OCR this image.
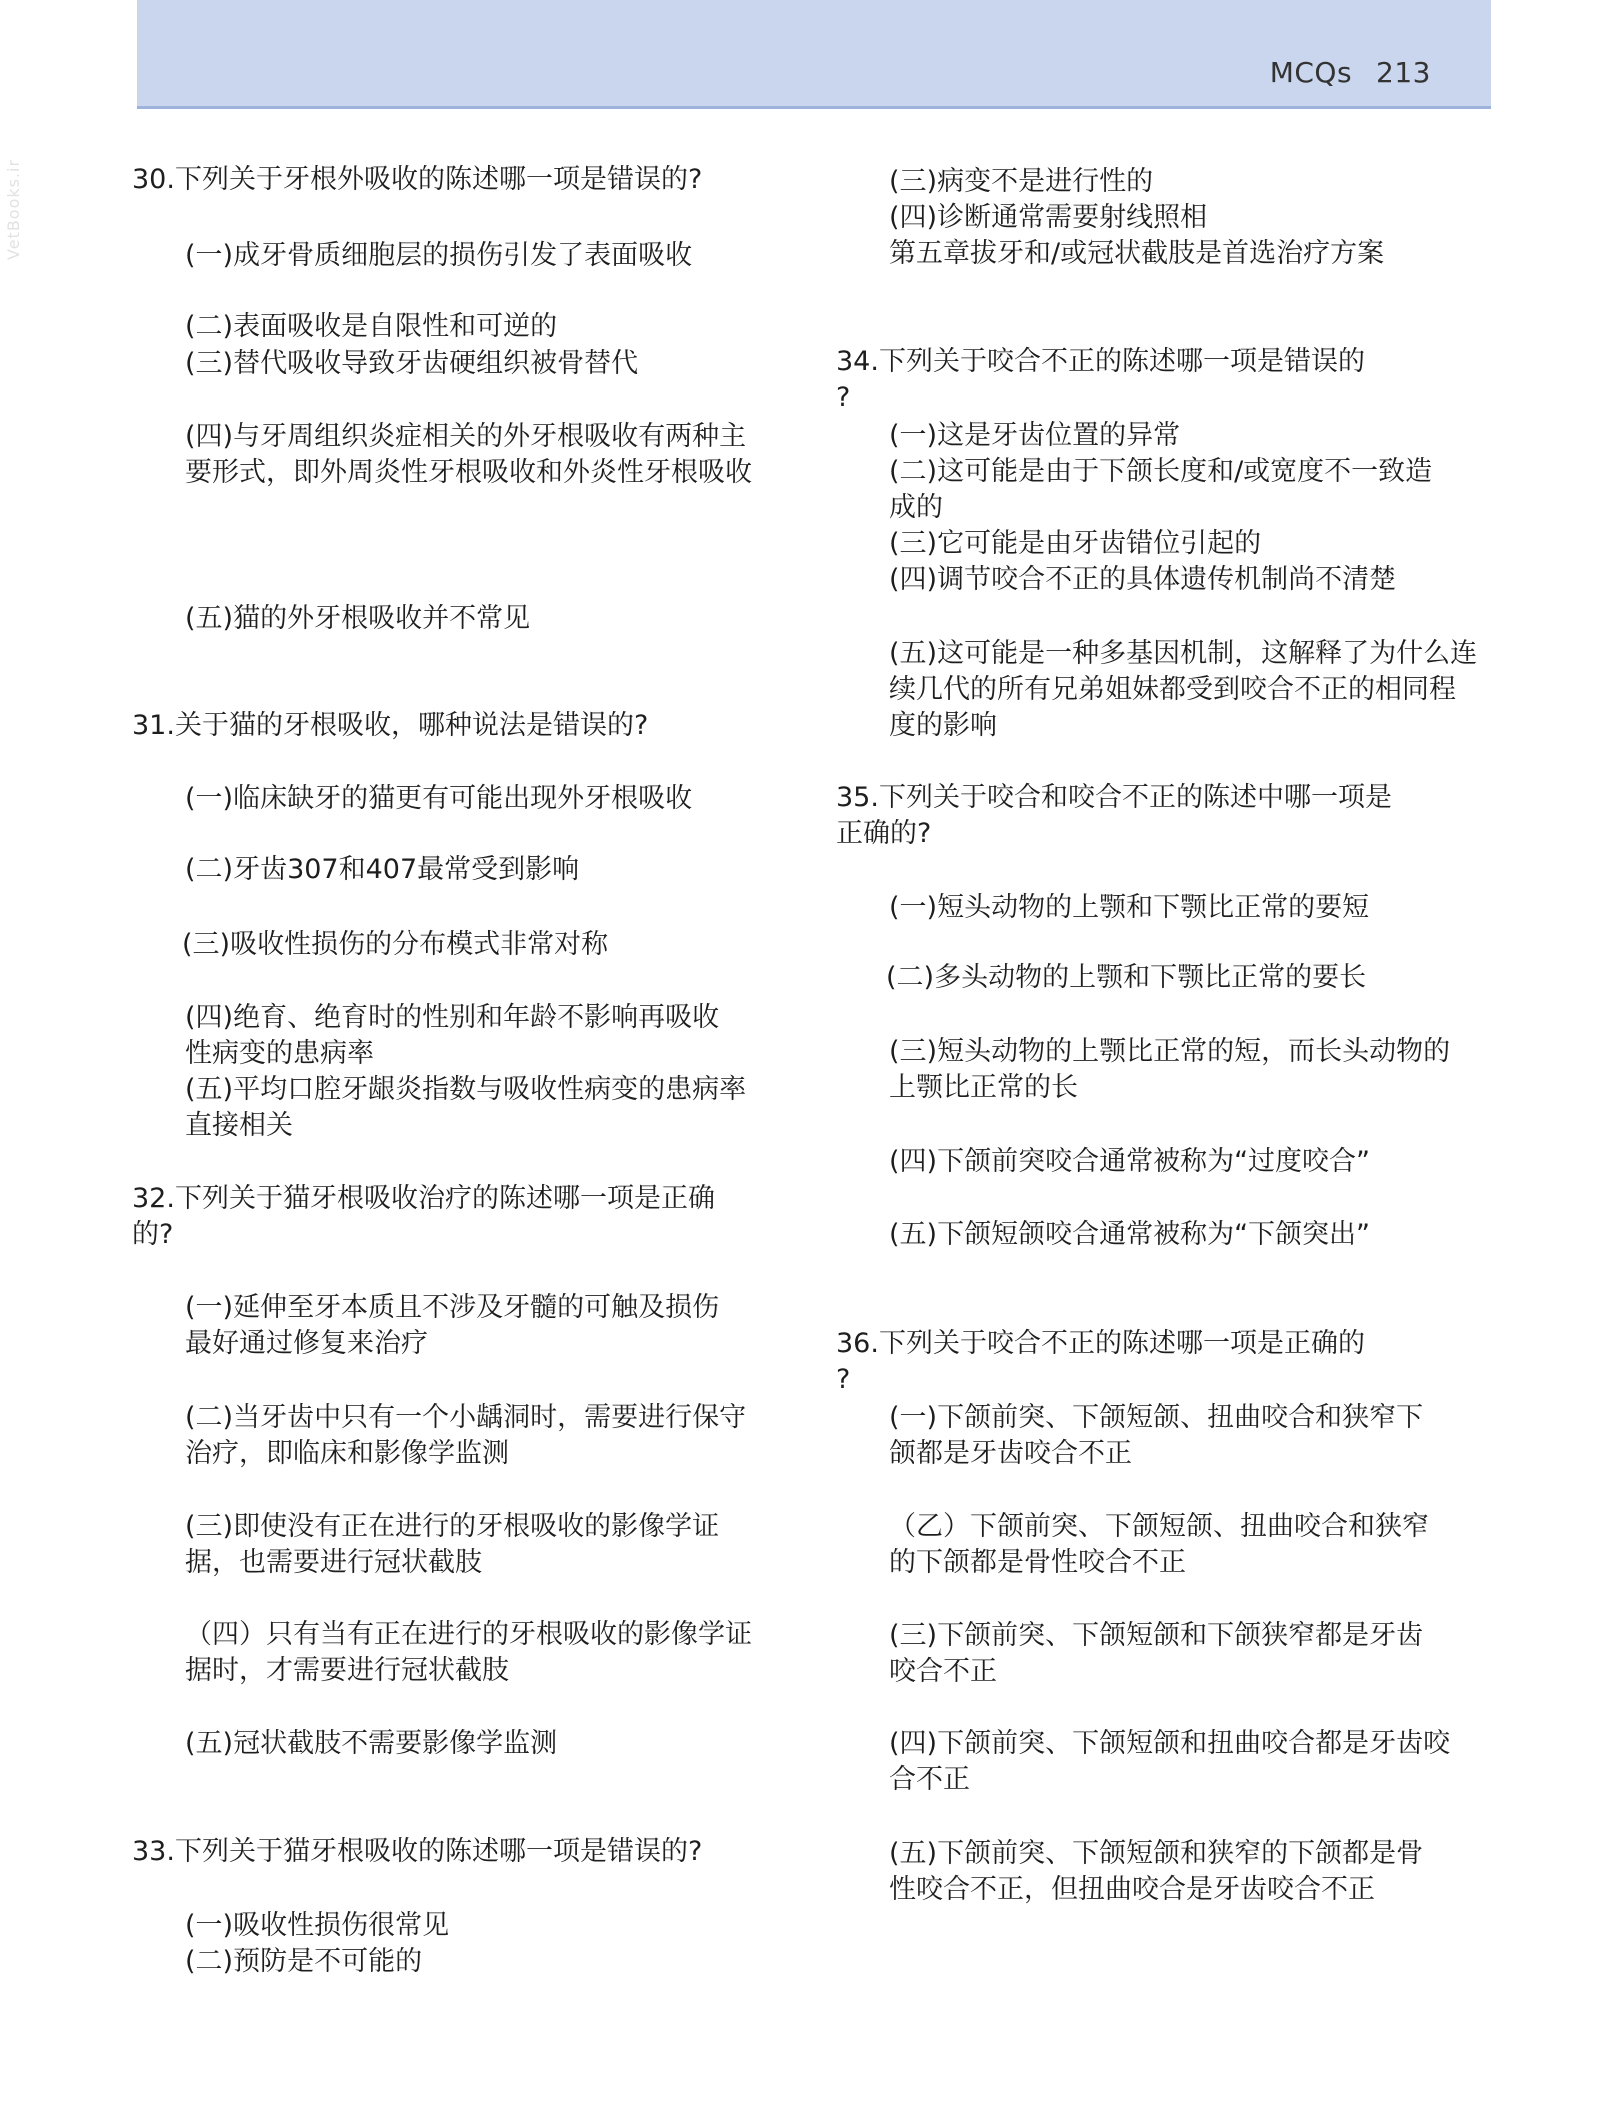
MCQs 213
VetBooks.ir	30.下列关于牙根外吸收的陈述哪一项是错误的?
(一)成牙骨质细胞层的损伤引发了表面吸收
(二)表面吸收是自限性和可逆的
(三)替代吸收导致牙齿硬组织被骨替代
(四)与牙周组织炎症相关的外牙根吸收有两种主
要形式，即外周炎性牙根吸收和外炎性牙根吸收
(五)猫的外牙根吸收并不常见
31.关于猫的牙根吸收，哪种说法是错误的?
(一)临床缺牙的猫更有可能出现外牙根吸收
(二)牙齿307和407最常受到影响
(三)吸收性损伤的分布模式非常对称
(四)绝育、绝育时的性别和年龄不影响再吸收
性病变的患病率
(五)平均口腔牙龈炎指数与吸收性病变的患病率
直接相关
32.下列关于猫牙根吸收治疗的陈述哪一项是正确
的?
(一)延伸至牙本质且不涉及牙髓的可触及损伤
最好通过修复来治疗
(二)当牙齿中只有一个小龋洞时，需要进行保守
治疗，即临床和影像学监测
(三)即使没有正在进行的牙根吸收的影像学证
据，也需要进行冠状截肢
（四）只有当有正在进行的牙根吸收的影像学证
据时，才需要进行冠状截肢
(五)冠状截肢不需要影像学监测
33.下列关于猫牙根吸收的陈述哪一项是错误的?
(一)吸收性损伤很常见
(二)预防是不可能的
(三)病变不是进行性的
(四)诊断通常需要射线照相
第五章拔牙和/或冠状截肢是首选治疗方案
34.下列关于咬合不正的陈述哪一项是错误的
?
(一)这是牙齿位置的异常
(二)这可能是由于下颌长度和/或宽度不一致造
成的
(三)它可能是由牙齿错位引起的
(四)调节咬合不正的具体遗传机制尚不清楚
(五)这可能是一种多基因机制，这解释了为什么连
续几代的所有兄弟姐妹都受到咬合不正的相同程
度的影响
35.下列关于咬合和咬合不正的陈述中哪一项是
正确的?
(一)短头动物的上颚和下颚比正常的要短
(二)多头动物的上颚和下颚比正常的要长
(三)短头动物的上颚比正常的短，而长头动物的
上颚比正常的长
(四)下颌前突咬合通常被称为“过度咬合”
(五)下颌短颌咬合通常被称为“下颌突出”
36.下列关于咬合不正的陈述哪一项是正确的
?
(一)下颌前突、下颌短颌、扭曲咬合和狭窄下
颌都是牙齿咬合不正
（乙）下颌前突、下颌短颌、扭曲咬合和狭窄
的下颌都是骨性咬合不正
(三)下颌前突、下颌短颌和下颌狭窄都是牙齿
咬合不正
(四)下颌前突、下颌短颌和扭曲咬合都是牙齿咬
合不正
(五)下颌前突、下颌短颌和狭窄的下颌都是骨
性咬合不正，但扭曲咬合是牙齿咬合不正
